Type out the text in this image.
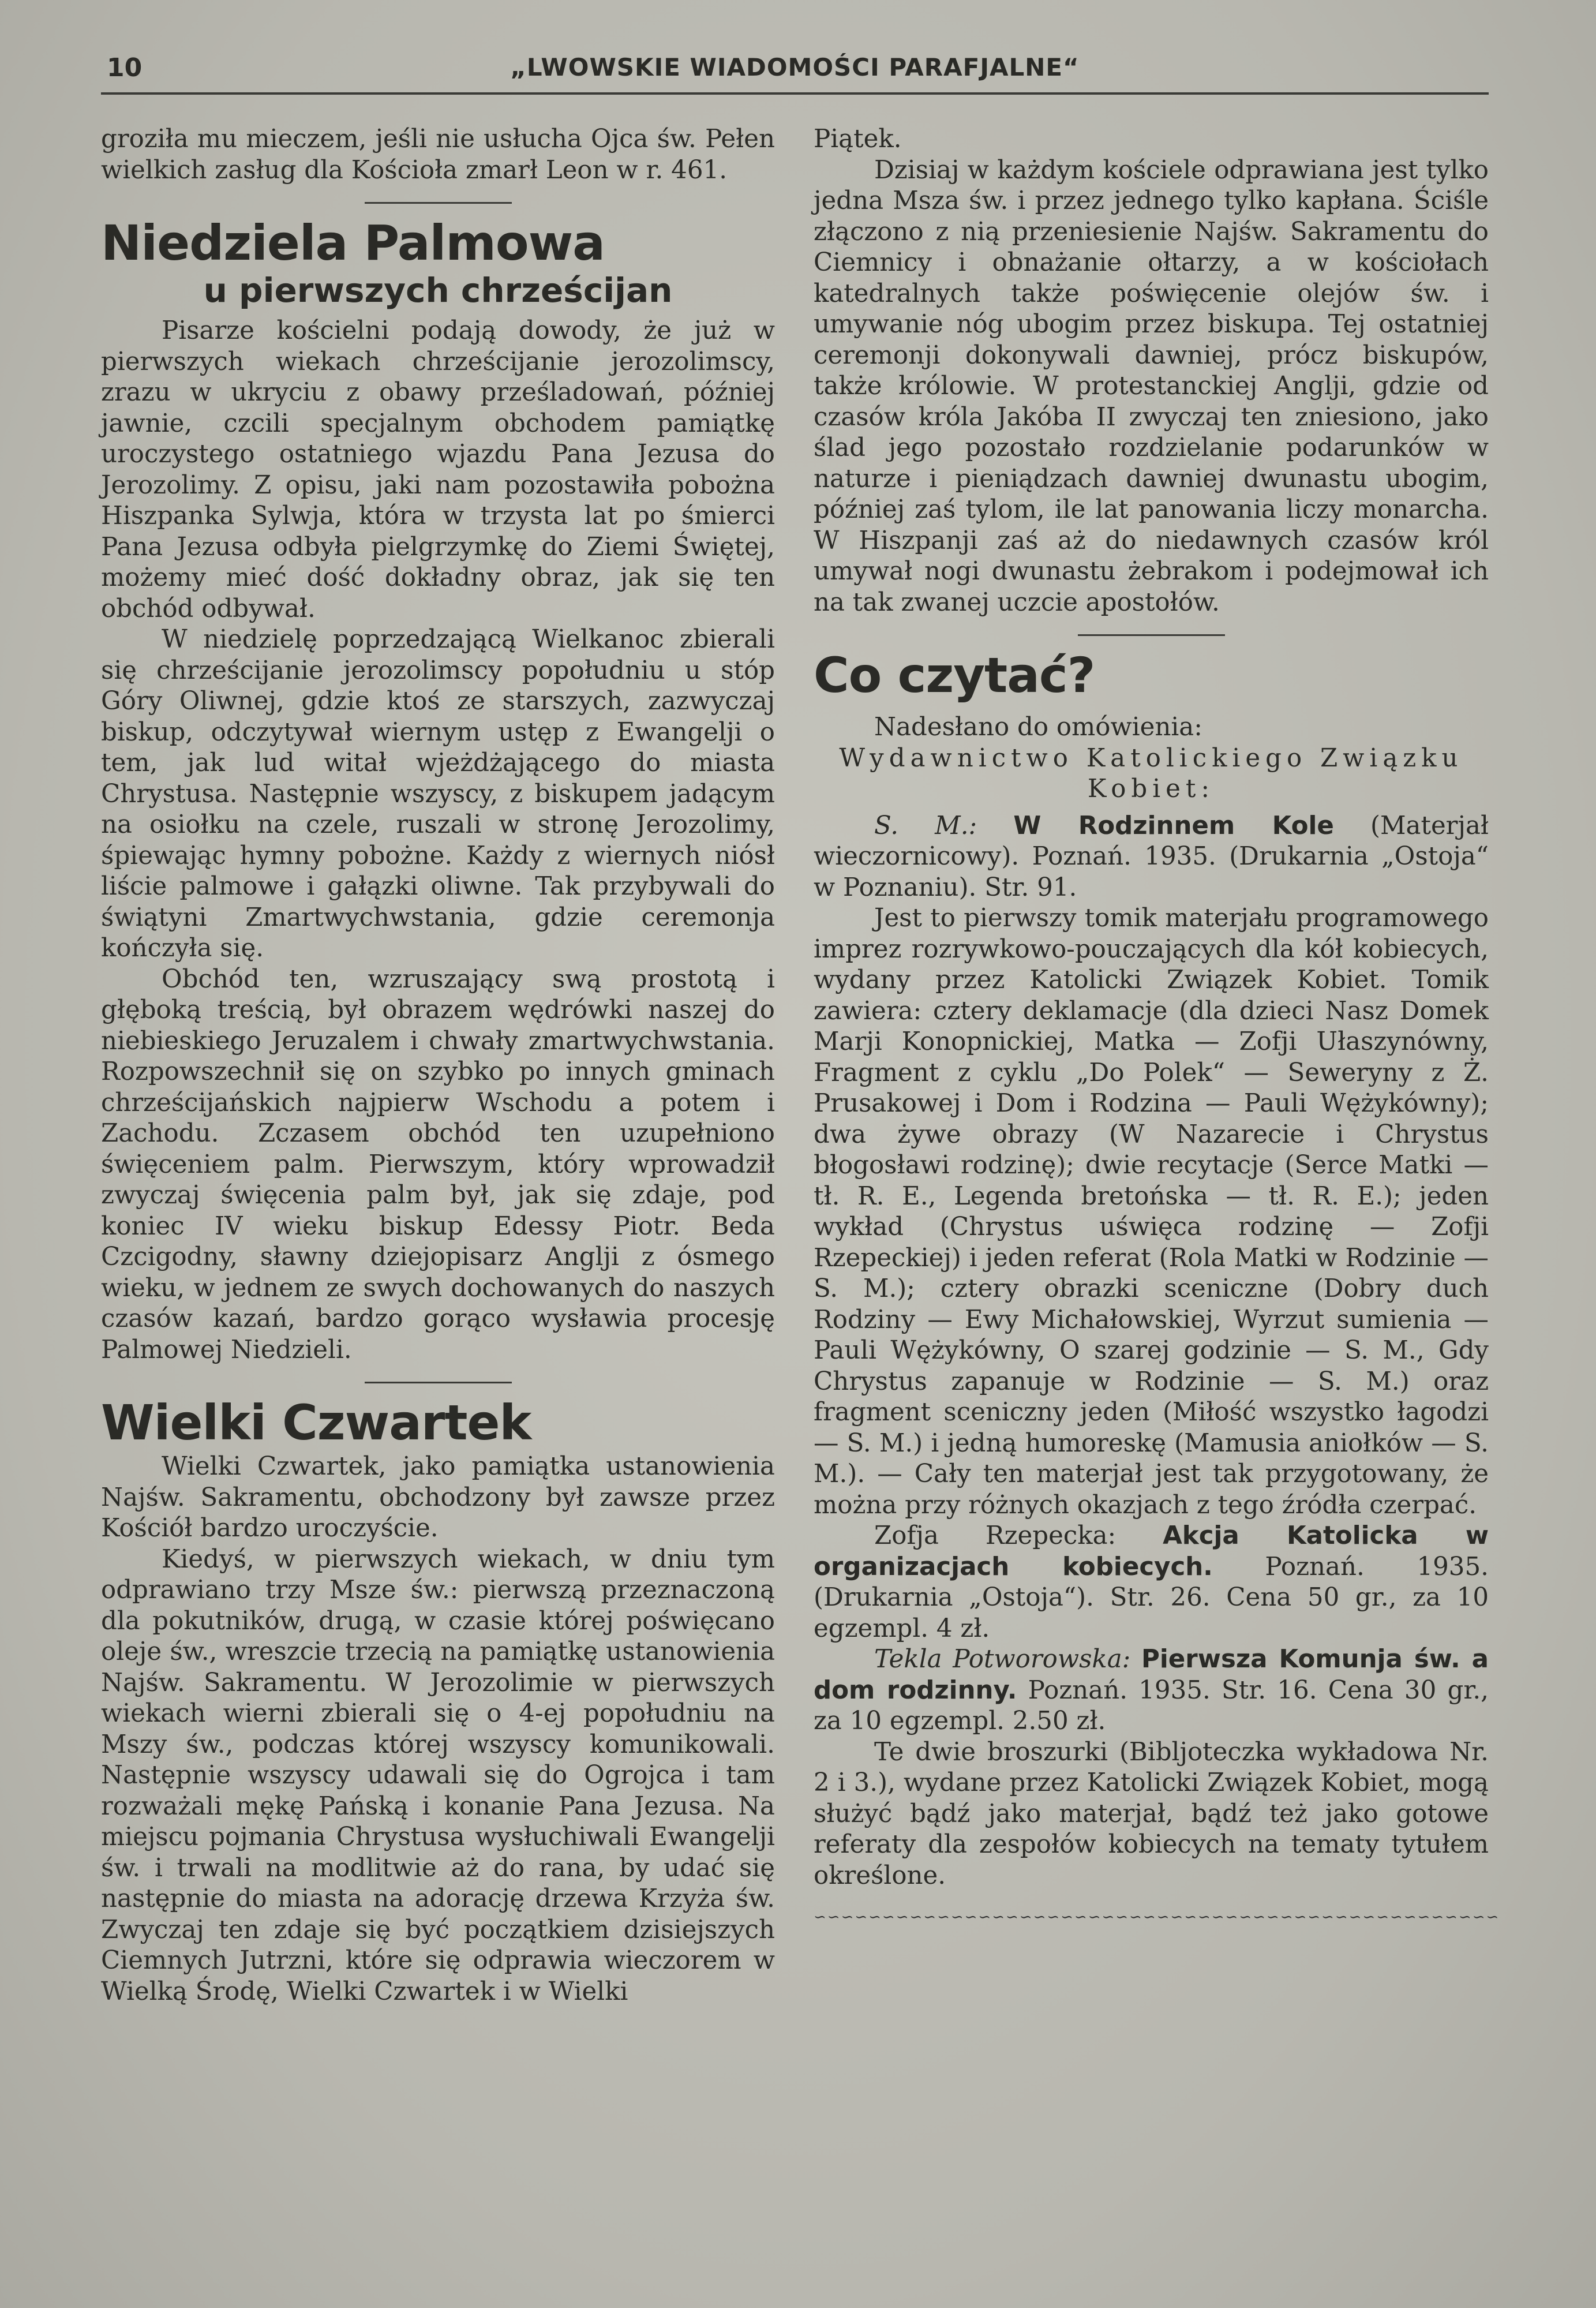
10	„LWOWSKIE WIADOMOŚCI PARAFJALNE“

groziła mu mieczem, jeśli nie usłucha Ojca św. Pełen wielkich zasług dla Kościoła zmarł Leon w r. 461.

Niedziela Palmowa
u pierwszych chrześcijan

Pisarze kościelni podają dowody, że już w pierwszych wiekach chrześcijanie jerozolimscy, zrazu w ukryciu z obawy prześladowań, później jawnie, czcili specjalnym obchodem pamiątkę uroczystego ostatniego wjazdu Pana Jezusa do Jerozolimy. Z opisu, jaki nam pozostawiła pobożna Hiszpanka Sylwja, która w trzysta lat po śmierci Pana Jezusa odbyła pielgrzymkę do Ziemi Świętej, możemy mieć dość dokładny obraz, jak się ten obchód odbywał.

W niedzielę poprzedzającą Wielkanoc zbierali się chrześcijanie jerozolimscy popołudniu u stóp Góry Oliwnej, gdzie ktoś ze starszych, zazwyczaj biskup, odczytywał wiernym ustęp z Ewangelji o tem, jak lud witał wjeżdżającego do miasta Chrystusa. Następnie wszyscy, z biskupem jadącym na osiołku na czele, ruszali w stronę Jerozolimy, śpiewając hymny pobożne. Każdy z wiernych niósł liście palmowe i gałązki oliwne. Tak przybywali do świątyni Zmartwychwstania, gdzie ceremonja kończyła się.

Obchód ten, wzruszający swą prostotą i głęboką treścią, był obrazem wędrówki naszej do niebieskiego Jeruzalem i chwały zmartwychwstania. Rozpowszechnił się on szybko po innych gminach chrześcijańskich najpierw Wschodu a potem i Zachodu. Zczasem obchód ten uzupełniono święceniem palm. Pierwszym, który wprowadził zwyczaj święcenia palm był, jak się zdaje, pod koniec IV wieku biskup Edessy Piotr. Beda Czcigodny, sławny dziejopisarz Anglji z ósmego wieku, w jednem ze swych dochowanych do naszych czasów kazań, bardzo gorąco wysławia procesję Palmowej Niedzieli.

Wielki Czwartek

Wielki Czwartek, jako pamiątka ustanowienia Najśw. Sakramentu, obchodzony był zawsze przez Kościół bardzo uroczyście.

Kiedyś, w pierwszych wiekach, w dniu tym odprawiano trzy Msze św.: pierwszą przeznaczoną dla pokutników, drugą, w czasie której poświęcano oleje św., wreszcie trzecią na pamiątkę ustanowienia Najśw. Sakramentu. W Jerozolimie w pierwszych wiekach wierni zbierali się o 4-ej popołudniu na Mszy św., podczas której wszyscy komunikowali. Następnie wszyscy udawali się do Ogrojca i tam rozważali mękę Pańską i konanie Pana Jezusa. Na miejscu pojmania Chrystusa wysłuchiwali Ewangelji św. i trwali na modlitwie aż do rana, by udać się następnie do miasta na adorację drzewa Krzyża św. Zwyczaj ten zdaje się być początkiem dzisiejszych Ciemnych Jutrzni, które się odprawia wieczorem w Wielką Środę, Wielki Czwartek i w Wielki

Piątek.

Dzisiaj w każdym kościele odprawiana jest tylko jedna Msza św. i przez jednego tylko kapłana. Ściśle złączono z nią przeniesienie Najśw. Sakramentu do Ciemnicy i obnażanie ołtarzy, a w kościołach katedralnych także poświęcenie olejów św. i umywanie nóg ubogim przez biskupa. Tej ostatniej ceremonji dokonywali dawniej, prócz biskupów, także królowie. W protestanckiej Anglji, gdzie od czasów króla Jakóba II zwyczaj ten zniesiono, jako ślad jego pozostało rozdzielanie podarunków w naturze i pieniądzach dawniej dwunastu ubogim, później zaś tylom, ile lat panowania liczy monarcha. W Hiszpanji zaś aż do niedawnych czasów król umywał nogi dwunastu żebrakom i podejmował ich na tak zwanej uczcie apostołów.

Co czytać?

Nadesłano do omówienia:

Wydawnictwo Katolickiego Związku Kobiet:

S. M.: W Rodzinnem Kole (Materjał wieczornicowy). Poznań. 1935. (Drukarnia „Ostoja“ w Poznaniu). Str. 91.

Jest to pierwszy tomik materjału programowego imprez rozrywkowo-pouczających dla kół kobiecych, wydany przez Katolicki Związek Kobiet. Tomik zawiera: cztery deklamacje (dla dzieci Nasz Domek Marji Konopnickiej, Matka — Zofji Ułaszynówny, Fragment z cyklu „Do Polek“ — Seweryny z Ż. Prusakowej i Dom i Rodzina — Pauli Wężykówny); dwa żywe obrazy (W Nazarecie i Chrystus błogosławi rodzinę); dwie recytacje (Serce Matki — tł. R. E., Legenda bretońska — tł. R. E.); jeden wykład (Chrystus uświęca rodzinę — Zofji Rzepeckiej) i jeden referat (Rola Matki w Rodzinie — S. M.); cztery obrazki sceniczne (Dobry duch Rodziny — Ewy Michałowskiej, Wyrzut sumienia — Pauli Wężykówny, O szarej godzinie — S. M., Gdy Chrystus zapanuje w Rodzinie — S. M.) oraz fragment sceniczny jeden (Miłość wszystko łagodzi — S. M.) i jedną humoreskę (Mamusia aniołków — S. M.). — Cały ten materjał jest tak przygotowany, że można przy różnych okazjach z tego źródła czerpać.

Zofja Rzepecka: Akcja Katolicka w organizacjach kobiecych. Poznań. 1935. (Drukarnia „Ostoja“). Str. 26. Cena 50 gr., za 10 egzempl. 4 zł.

Tekla Potworowska: Pierwsza Komunja św. a dom rodzinny. Poznań. 1935. Str. 16. Cena 30 gr., za 10 egzempl. 2.50 zł.

Te dwie broszurki (Bibljoteczka wykładowa Nr. 2 i 3.), wydane przez Katolicki Związek Kobiet, mogą służyć bądź jako materjał, bądź też jako gotowe referaty dla zespołów kobiecych na tematy tytułem określone.

∽∽∽∽∽∽∽∽∽∽∽∽∽∽∽∽∽∽∽∽∽∽∽∽∽∽∽∽∽∽∽∽∽∽∽∽∽∽∽∽∽∽∽∽∽∽∽∽∽∽
